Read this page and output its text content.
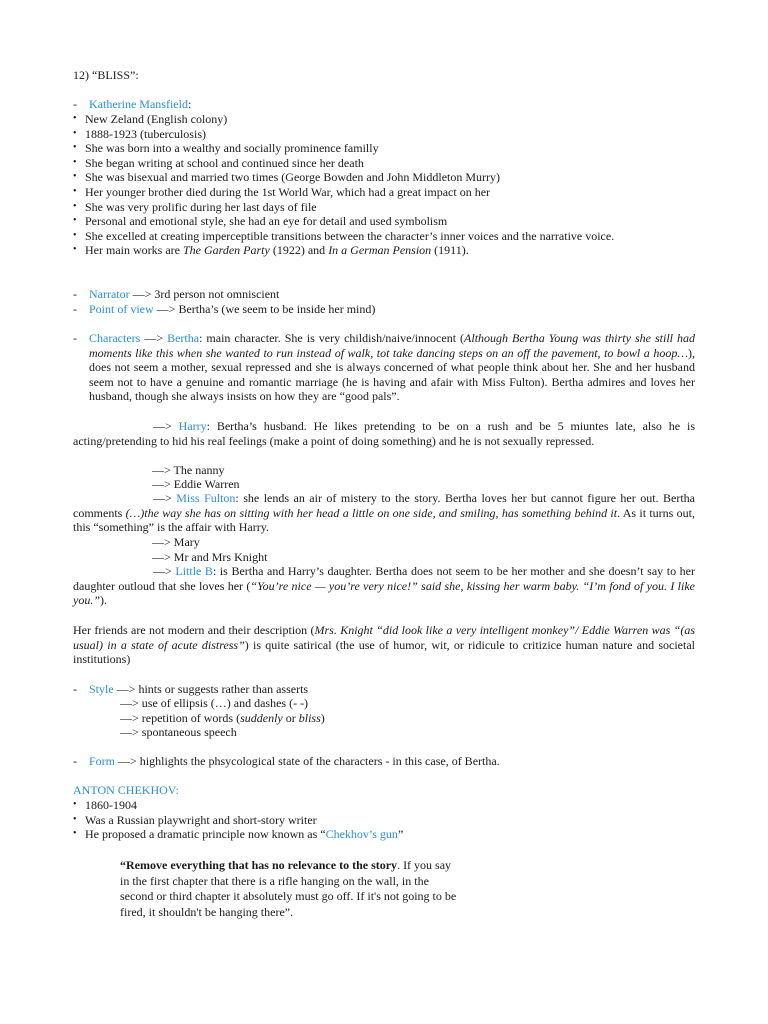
12) “BLISS”:
- Katherine Mansfield:
• New Zeland (English colony)
• 1888-1923 (tuberculosis)
• She was born into a wealthy and socially prominence familly
• She began writing at school and continued since her death
• She was bisexual and married two times (George Bowden and John Middleton Murry)
• Her younger brother died during the 1st World War, which had a great impact on her
• She was very prolific during her last days of file
• Personal and emotional style, she had an eye for detail and used symbolism
• She excelled at creating imperceptible transitions between the character’s inner voices and the narrative voice.
• Her main works are The Garden Party (1922) and In a German Pension (1911).
- Narrator —> 3rd person not omniscient
- Point of view —> Bertha’s (we seem to be inside her mind)
- Characters —> Bertha: main character. She is very childish/naive/innocent (Although Bertha Young was thirty she still had moments like this when she wanted to run instead of walk, tot take dancing steps on an off the pavement, to bowl a hoop…), does not seem a mother, sexual repressed and she is always concerned of what people think about her. She and her husband seem not to have a genuine and romantic marriage (he is having and afair with Miss Fulton). Bertha admires and loves her husband, though she always insists on how they are “good pals”.
—> Harry: Bertha’s husband. He likes pretending to be on a rush and be 5 miuntes late, also he is acting/pretending to hid his real feelings (make a point of doing something) and he is not sexually repressed.
—> The nanny
—> Eddie Warren
—> Miss Fulton: she lends an air of mistery to the story. Bertha loves her but cannot figure her out. Bertha comments (…)the way she has on sitting with her head a little on one side, and smiling, has something behind it. As it turns out, this “something” is the affair with Harry.
—> Mary
—> Mr and Mrs Knight
—> Little B: is Bertha and Harry’s daughter. Bertha does not seem to be her mother and she doesn’t say to her daughter outloud that she loves her (“You’re nice — you’re very nice!” said she, kissing her warm baby. “I’m fond of you. I like you.”).
Her friends are not modern and their description (Mrs. Knight “did look like a very intelligent monkey”/ Eddie Warren was “(as usual) in a state of acute distress”) is quite satirical (the use of humor, wit, or ridicule to critizice human nature and societal institutions)
- Style —> hints or suggests rather than asserts
—> use of ellipsis (…) and dashes (- -)
—> repetition of words (suddenly or bliss)
—> spontaneous speech
- Form —> highlights the phsycological state of the characters - in this case, of Bertha.
ANTON CHEKHOV:
• 1860-1904
• Was a Russian playwright and short-story writer
• He proposed a dramatic principle now known as “Chekhov’s gun”
“Remove everything that has no relevance to the story. If you say in the first chapter that there is a rifle hanging on the wall, in the second or third chapter it absolutely must go off. If it's not going to be fired, it shouldn't be hanging there”.
